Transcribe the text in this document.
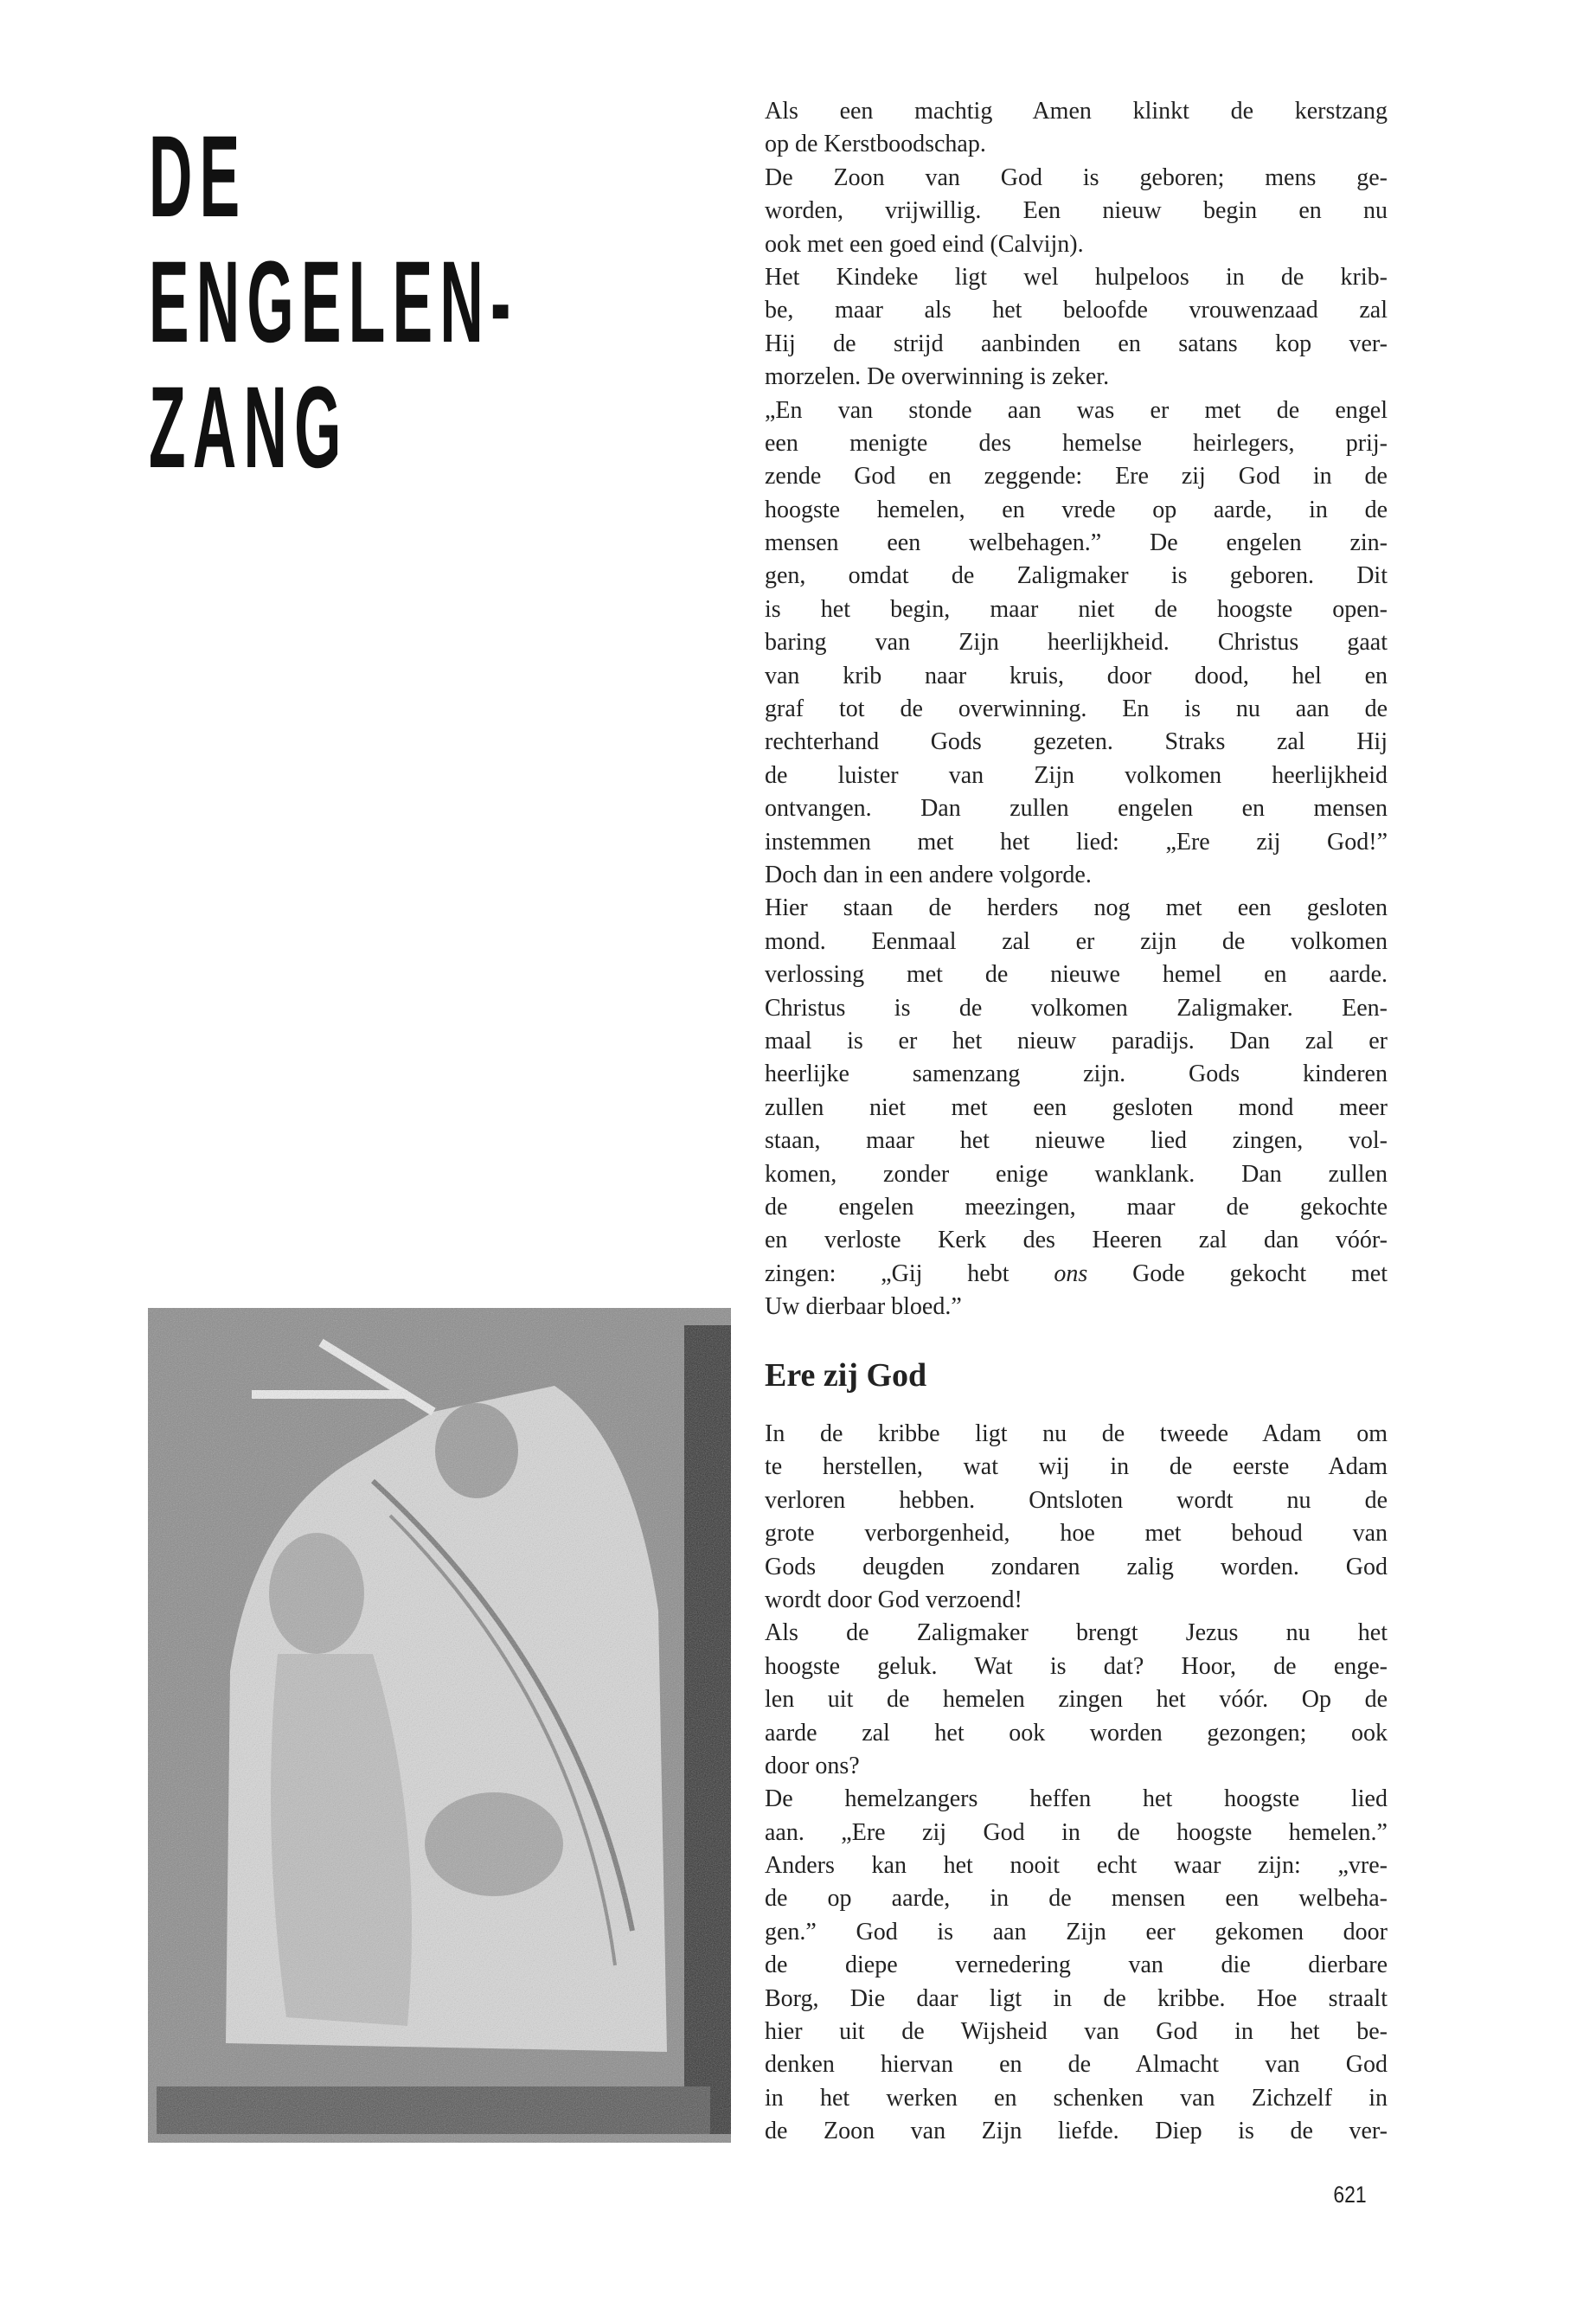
DE
ENGELEN-
ZANG
Als een machtig Amen klinkt de kerstzang
op de Kerstboodschap.
De Zoon van God is geboren; mens ge-
worden, vrijwillig. Een nieuw begin en nu
ook met een goed eind (Calvijn).
Het Kindeke ligt wel hulpeloos in de krib-
be, maar als het beloofde vrouwenzaad zal
Hij de strijd aanbinden en satans kop ver-
morzelen. De overwinning is zeker.
„En van stonde aan was er met de engel
een menigte des hemelse heirlegers, prij-
zende God en zeggende: Ere zij God in de
hoogste hemelen, en vrede op aarde, in de
mensen een welbehagen.” De engelen zin-
gen, omdat de Zaligmaker is geboren. Dit
is het begin, maar niet de hoogste open-
baring van Zijn heerlijkheid. Christus gaat
van krib naar kruis, door dood, hel en
graf tot de overwinning. En is nu aan de
rechterhand Gods gezeten. Straks zal Hij
de luister van Zijn volkomen heerlijkheid
ontvangen. Dan zullen engelen en mensen
instemmen met het lied: „Ere zij God!”
Doch dan in een andere volgorde.
Hier staan de herders nog met een gesloten
mond. Eenmaal zal er zijn de volkomen
verlossing met de nieuwe hemel en aarde.
Christus is de volkomen Zaligmaker. Een-
maal is er het nieuw paradijs. Dan zal er
heerlijke samenzang zijn. Gods kinderen
zullen niet met een gesloten mond meer
staan, maar het nieuwe lied zingen, vol-
komen, zonder enige wanklank. Dan zullen
de engelen meezingen, maar de gekochte
en verloste Kerk des Heeren zal dan vóór-
zingen: „Gij hebt ons Gode gekocht met
Uw dierbaar bloed.”
Ere zij God
In de kribbe ligt nu de tweede Adam om
te herstellen, wat wij in de eerste Adam
verloren hebben. Ontsloten wordt nu de
grote verborgenheid, hoe met behoud van
Gods deugden zondaren zalig worden. God
wordt door God verzoend!
Als de Zaligmaker brengt Jezus nu het
hoogste geluk. Wat is dat? Hoor, de enge-
len uit de hemelen zingen het vóór. Op de
aarde zal het ook worden gezongen; ook
door ons?
De hemelzangers heffen het hoogste lied
aan. „Ere zij God in de hoogste hemelen.”
Anders kan het nooit echt waar zijn: „vre-
de op aarde, in de mensen een welbeha-
gen.” God is aan Zijn eer gekomen door
de diepe vernedering van die dierbare
Borg, Die daar ligt in de kribbe. Hoe straalt
hier uit de Wijsheid van God in het be-
denken hiervan en de Almacht van God
in het werken en schenken van Zichzelf in
de Zoon van Zijn liefde. Diep is de ver-
621
